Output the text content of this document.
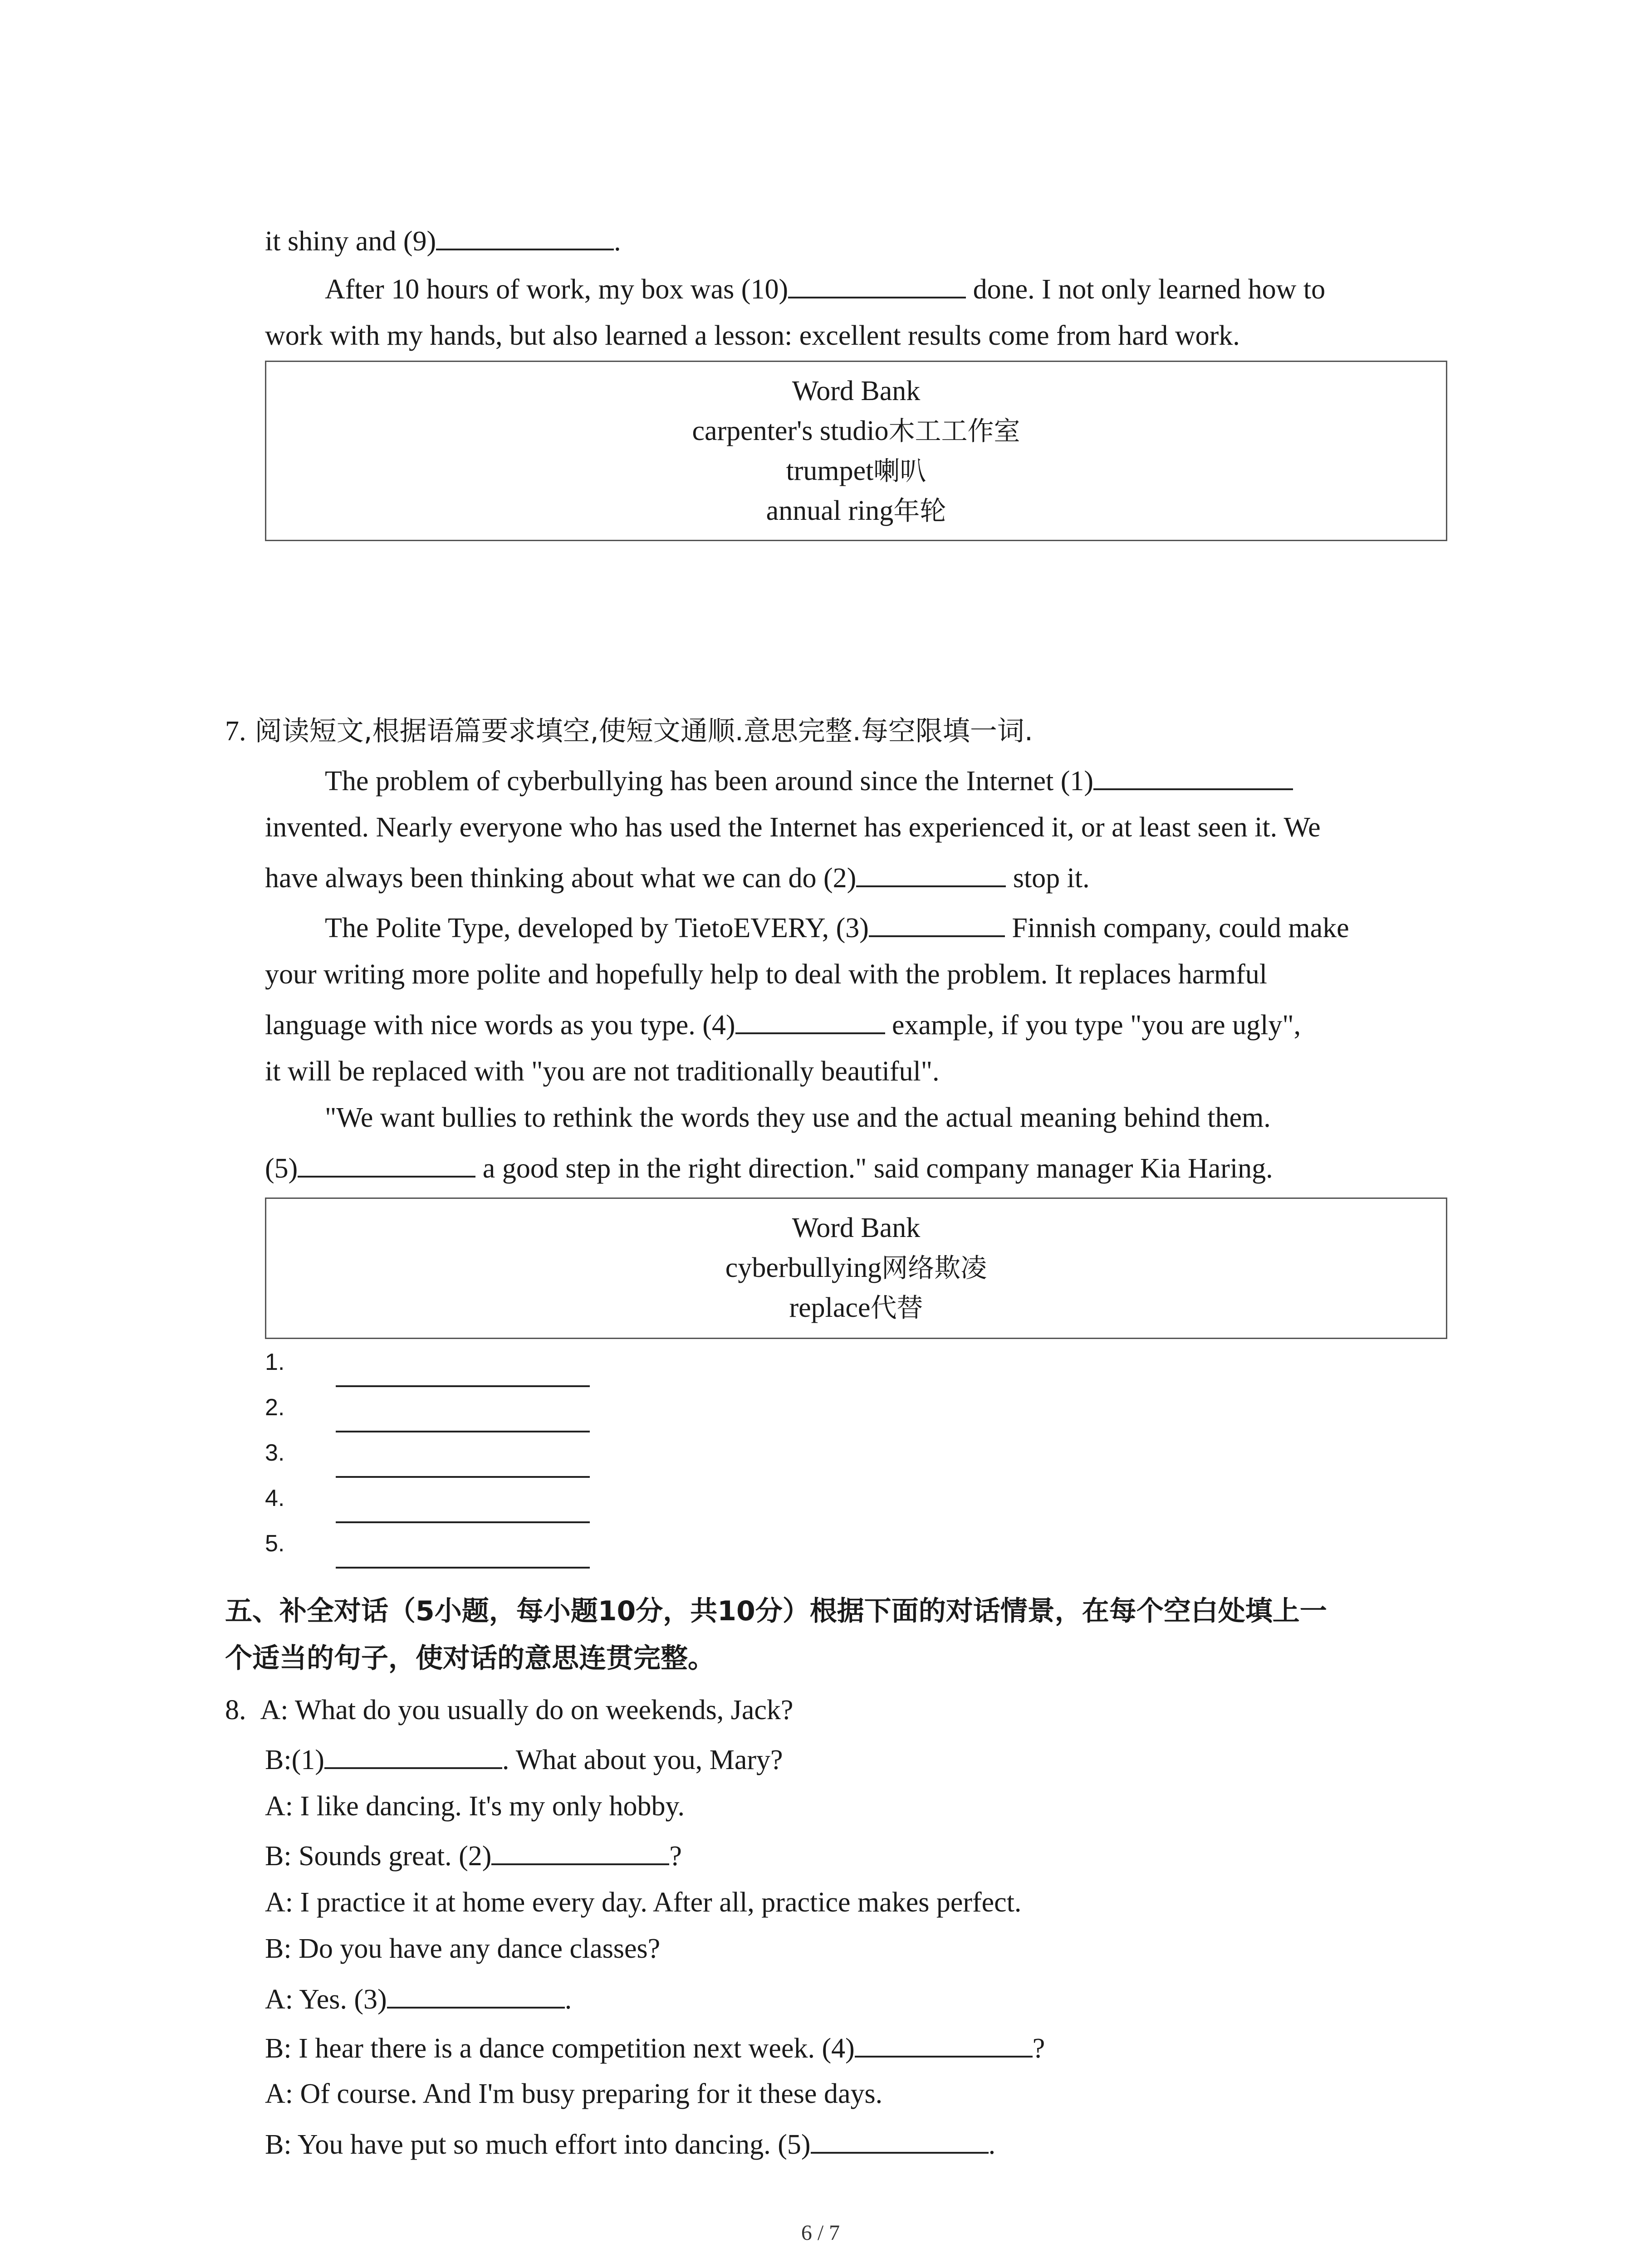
it shiny and (9)	.
After 10 hours of work, my box was (10)	done. I not only learned how to
work with my hands, but also learned a lesson: excellent results come from hard work.
Word Bank
carpenter's studio木工工作室
trumpet喇叭
annual ring年轮
7. 阅读短文,根据语篇要求填空,使短文通顺.意思完整.每空限填一词.
The problem of cyberbullying has been around since the Internet (1)
invented. Nearly everyone who has used the Internet has experienced it, or at least seen it. We
have always been thinking about what we can do (2)	stop it.
The Polite Type, developed by TietoEVERY, (3)	Finnish company, could make
your writing more polite and hopefully help to deal with the problem. It replaces harmful
language with nice words as you type. (4)	example, if you type "you are ugly",
it will be replaced with "you are not traditionally beautiful".
"We want bullies to rethink the words they use and the actual meaning behind them.
(5)	a good step in the right direction." said company manager Kia Haring.
Word Bank
cyberbullying网络欺凌
replace代替
1.
2.
3.
4.
5.
五、补全对话（5小题，每小题10分，共10分）根据下面的对话情景，在每个空白处填上一
个适当的句子，使对话的意思连贯完整。
8. A: What do you usually do on weekends, Jack?
B:(1)	. What about you, Mary?
A: I like dancing. It's my only hobby.
B: Sounds great. (2)	?
A: I practice it at home every day. After all, practice makes perfect.
B: Do you have any dance classes?
A: Yes. (3)	.
B: I hear there is a dance competition next week. (4)	?
A: Of course. And I'm busy preparing for it these days.
B: You have put so much effort into dancing. (5)	.
6 / 7
